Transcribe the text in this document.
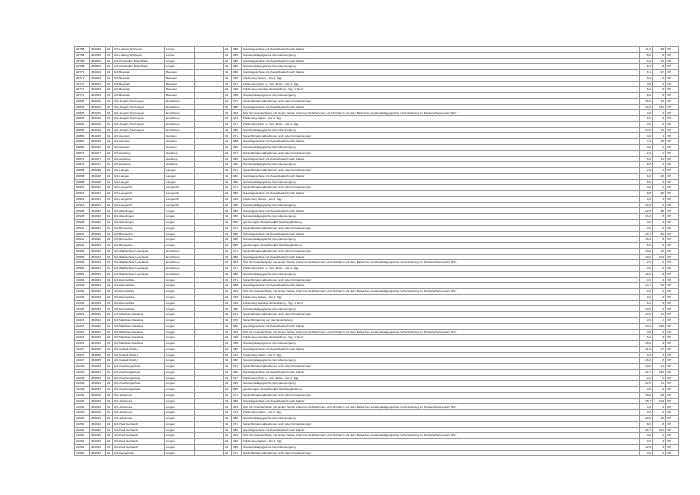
20758	454036	01	GS Ludwig Schriever	Lorine		01	380	Ganztagsschule mit Zusatzbedarf nach Faktor	11,0	58	VP
20758	454036	01	GS Ludwig Schriever	Lorine		01	450	Sonderpädagogische Grundversorgung	8,0	8	VP
20768	454002	01	GS Christoffer Brandhaar	Lingen		01	380	Ganztagsschule mit Zusatzbedarf nach Faktor	5,0	16	VP
20768	454002	01	GS Christoffer Brandhaar	Lingen		01	450	Sonderpädagogische Grundversorgung	8,0	8	VP
20771	454003	01	GS Beesten	Beesten		01	380	Ganztagsschule mit Zusatzbedarf nach Faktor	9,1	97	VP
20771	454003	01	GS Beesten	Beesten		01	415	Förderung Sehen - bis 4. Sjg.	5,0	5	VP
20771	454003	01	GS Beesten	Beesten		01	417	Förderung Körp. u. mot. Entw. - bis 4. Sjg.	3,0	3	VP
20771	454003	01	GS Beesten	Beesten		01	419	Förderung Geistige Entwicklung - Sjg. 1 bis 9	5,0	5	VP
20771	454003	01	GS Beesten	Beesten		01	450	Sonderpädagogische Grundversorgung	8,0	8	VP
20825	454010	01	GS Joseph Tietzmeyer	Emsbüren		01	071	Sprachfördermaßnahmen und/ oder Förderkonzept	15,0	15	VP
20825	454010	01	GS Joseph Tietzmeyer	Emsbüren		01	380	Ganztagsschule mit Zusatzbedarf nach Faktor	23,3	156	VP
20825	454010	01	GS Joseph Tietzmeyer	Emsbüren		01	403	Std. für Grundschulen mit einem hohen Anteil an Schülerinnen und Schülern mit dem Bedarf an sonderpädagogischer Unterstützung im Förderschwerpunkt "ES"	4,0	4	VP
20825	454010	01	GS Joseph Tietzmeyer	Emsbüren		01	413	Förderung Hören - bis 4. Sjg.	9,0	9	VP
20825	454010	01	GS Joseph Tietzmeyer	Emsbüren		01	417	Förderung Körp. u. mot. Entw. - bis 4. Sjg.	3,0	3	VP
20825	454010	01	GS Joseph Tietzmeyer	Emsbüren		01	450	Sonderpädagogische Grundversorgung	24,0	12	VP
20850	454015	01	GS Gersten	Gersten		01	071	Sprachfördermaßnahmen und/ oder Förderkonzept	4,0	4	VP
20850	454015	01	GS Gersten	Gersten		01	380	Ganztagsschule mit Zusatzbedarf nach Faktor	7,0	45	VP
20850	454015	01	GS Gersten	Gersten		01	450	Sonderpädagogische Grundversorgung	4,0	4	VP
20874	454017	01	GS Handrup	Handrup		01	071	Sprachfördermaßnahmen und/ oder Förderkonzept	2,0	2	VP
20874	454017	01	GS Handrup	Handrup		01	380	Ganztagsschule mit Zusatzbedarf nach Faktor	5,0	21	VP
20874	454017	01	GS Handrup	Handrup		01	450	Sonderpädagogische Grundversorgung	8,0	4	VP
20898	454028	01	GS Langen	Langen		01	071	Sprachfördermaßnahmen und/ oder Förderkonzept	2,0	2	VP
20898	454028	01	GS Langen	Langen		01	380	Ganztagsschule mit Zusatzbedarf nach Faktor	6,0	26	VP
20898	454028	01	GS Langen	Langen		01	450	Sonderpädagogische Grundversorgung	8,0	4	VP
20916	454031	01	GS Lengerich	Lengerich		01	071	Sprachfördermaßnahmen und/ oder Förderkonzept	4,0	4	VP
20916	454031	01	GS Lengerich	Lengerich		01	380	Ganztagsschule mit Zusatzbedarf nach Faktor	8,8	90	VP
20916	454031	01	GS Lengerich	Lengerich		01	415	Förderung Sehen - bis 4. Sjg.	4,0	4	VP
20916	454031	01	GS Lengerich	Lengerich		01	450	Sonderpädagogische Grundversorgung	12,0	6	VP
20928	454032	01	GS Altenlingen	Lingen		01	380	Ganztagsschule mit Zusatzbedarf nach Faktor	22,5	88	VP
20928	454032	01	GS Altenlingen	Lingen		01	450	Sonderpädagogische Grundversorgung	16,0	8	VP
20928	454032	01	GS Altenlingen	Lingen		01	950	genehmigter Zusatzbedarf Nachbeglaubung	3,0	3	VP
20941	454032	01	GS Brameche	Lingen		01	071	Sprachfördermaßnahmen und/ oder Förderkonzept	3,0	3	VP
20941	454032	01	GS Brameche	Lingen		01	380	Ganztagsschule mit Zusatzbedarf nach Faktor	16,7	83	VP
20941	454032	01	GS Brameche	Lingen		01	450	Sonderpädagogische Grundversorgung	16,0	8	VP
20941	454032	01	GS Brameche	Lingen		01	950	genehmigter Zusatzbedarf Nachbeglaubung	5,0	5	VP
20965	454033	01	GS Waldschule Leschede	Emsbüren		01	071	Sprachfördermaßnahmen und/ oder Förderkonzept	10,0	10	VP
20965	454033	01	GS Waldschule Leschede	Emsbüren		01	380	Ganztagsschule mit Zusatzbedarf nach Faktor	19,6	103	VP
20965	454033	01	GS Waldschule Leschede	Emsbüren		01	403	Std. für Grundschulen mit einem hohen Anteil an Schülerinnen und Schülern mit dem Bedarf an sonderpädagogischer Unterstützung im Förderschwerpunkt "ES"	2,0	2	VP
20965	454033	01	GS Waldschule Leschede	Emsbüren		01	417	Förderung Körp. u. mot. Entw. - bis 4. Sjg.	3,0	3	VP
20965	454033	01	GS Waldschule Leschede	Emsbüren		01	450	Sonderpädagogische Grundversorgung	16,0	8	VP
21003	454033	01	GS Darmschke	Lingen		01	071	Sprachfördermaßnahmen und/ oder Förderkonzept	3,0	3	VP
21003	454033	01	GS Darmschke	Lingen		01	380	Ganztagsschule mit Zusatzbedarf nach Faktor	14,1	54	VP
21003	454033	01	GS Darmschke	Lingen		01	403	Std. für Grundschulen mit einem hohen Anteil an Schülerinnen und Schülern mit dem Bedarf an sonderpädagogischer Unterstützung im Förderschwerpunkt "ES"	2,0	2	VP
21003	454033	01	GS Darmschke	Lingen		01	415	Förderung Sehen - bis 4. Sjg.	3,0	3	VP
21003	454033	01	GS Darmschke	Lingen		01	419	Förderung Geistige Entwicklung - Sjg. 1 bis 9	5,0	5	VP
21003	454033	01	GS Darmschke	Lingen		01	450	Sonderpädagogische Grundversorgung	10,0	5	VP
21015	454032	01	GS Matthias-Claudius	Lingen		01	071	Sprachfördermaßnahmen und/ oder Förderkonzept	10,0	11	VP
21015	454032	01	GS Matthias-Claudius	Lingen		01	076	Sprachförderung vor der Einschulung	2,0	2	VP
21015	454032	01	GS Matthias-Claudius	Lingen		01	380	Ganztagsschule mit Zusatzbedarf nach Faktor	30,2	150	VP
21015	454032	01	GS Matthias-Claudius	Lingen		01	403	Std. für Grundschulen mit einem hohen Anteil an Schülerinnen und Schülern mit dem Bedarf an sonderpädagogischer Unterstützung im Förderschwerpunkt "ES"	4,0	4	VP
21015	454032	01	GS Matthias-Claudius	Lingen		01	419	Förderung Geistige Entwicklung - Sjg. 1 bis 9	5,0	5	VP
21015	454032	01	GS Matthias-Claudius	Lingen		01	450	Sonderpädagogische Grundversorgung	18,0	9	VP
21027	454035	01	GS Castell (Kath.)	Lingen		01	380	Ganztagsschule mit Zusatzbedarf nach Faktor	41,0	27	VP
21027	454035	01	GS Castell (Kath.)	Lingen		01	413	Förderung Hören - bis 4. Sjg.	5,0	5	VP
21027	454035	01	GS Castell (Kath.)	Lingen		01	450	Sonderpädagogische Grundversorgung	16,0	8	VP
21039	454033	01	GS Overbergschule	Lingen		01	071	Sprachfördermaßnahmen und/ oder Förderkonzept	10,0	11	VP
21039	454033	01	GS Overbergschule	Lingen		01	380	Ganztagsschule mit Zusatzbedarf nach Faktor	32,7	183	VP
21039	454033	01	GS Overbergschule	Lingen		01	417	Förderung Körp. u. mot. Entw. - bis 4. Sjg.	2,0	2	VP
21039	454033	01	GS Overbergschule	Lingen		01	450	Sonderpädagogische Grundversorgung	22,0	11	VP
21039	454033	01	GS Overbergschule	Lingen		01	950	genehmigter Zusatzbedarf Nachbeglaubung	3,0	3	VP
21040	454016	01	GS Johannes	Lingen		01	071	Sprachfördermaßnahmen und/ oder Förderkonzept	18,0	48	VP
21040	454016	01	GS Johannes	Lingen		01	380	Ganztagsschule mit Zusatzbedarf nach Faktor	28,7	103	VP
21040	454016	01	GS Johannes	Lingen		01	403	Std. für Grundschulen mit einem hohen Anteil an Schülerinnen und Schülern mit dem Bedarf an sonderpädagogischer Unterstützung im Förderschwerpunkt "ES"	4,0	4	VP
21040	454016	01	GS Johannes	Lingen		01	413	Förderung Hören - bis 4. Sjg.	9,0	9	VP
21040	454016	01	GS Johannes	Lingen		01	450	Sonderpädagogische Grundversorgung	20,0	10	VP
21052	454032	01	GS Paul Gerhardt	Lingen		01	071	Sprachfördermaßnahmen und/ oder Förderkonzept	8,0	8	VP
21052	454032	01	GS Paul Gerhardt	Lingen		01	380	Ganztagsschule mit Zusatzbedarf nach Faktor	26,7	151	VP
21052	454032	01	GS Paul Gerhardt	Lingen		01	403	Std. für Grundschulen mit einem hohen Anteil an Schülerinnen und Schülern mit dem Bedarf an sonderpädagogischer Unterstützung im Förderschwerpunkt "ES"	4,0	4	VP
21052	454032	01	GS Paul Gerhardt	Lingen		01	415	Förderung Sehen - bis 4. Sjg.	3,0	3	VP
21052	454032	01	GS Paul Gerhardt	Lingen		01	450	Sonderpädagogische Grundversorgung	12,0	6	VP
21064	454033	01	GS Gauerbach	Lingen		01	071	Sprachfördermaßnahmen und/ oder Förderkonzept	3,0	3	VP
